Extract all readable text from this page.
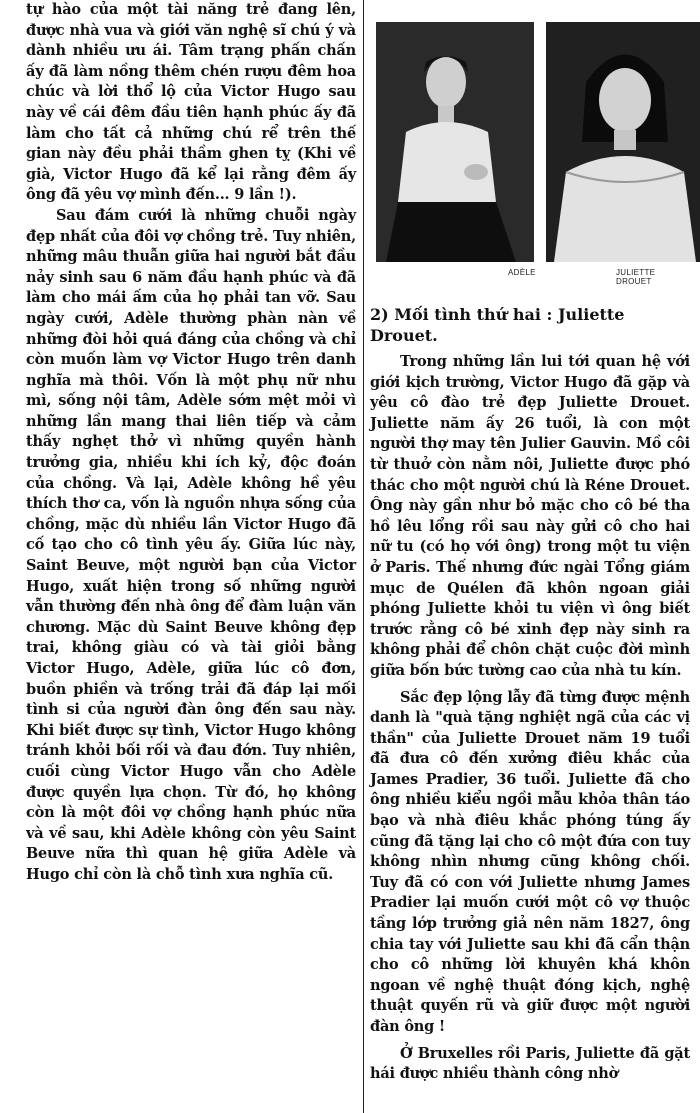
tự hào của một tài năng trẻ đang lên, được nhà vua và giới văn nghệ sĩ chú ý và dành nhiều ưu ái. Tâm trạng phấn chấn ấy đã làm nồng thêm chén rượu đêm hoa chúc và lời thổ lộ của Victor Hugo sau này về cái đêm đầu tiên hạnh phúc ấy đã làm cho tất cả những chú rể trên thế gian này đều phải thầm ghen tỵ (Khi về già, Victor Hugo đã kể lại rằng đêm ấy ông đã yêu vợ mình đến... 9 lần !).

Sau đám cưới là những chuỗi ngày đẹp nhất của đôi vợ chồng trẻ. Tuy nhiên, những mâu thuẫn giữa hai người bắt đầu nảy sinh sau 6 năm đầu hạnh phúc và đã làm cho mái ấm của họ phải tan vỡ. Sau ngày cưới, Adèle thường phàn nàn về những đòi hỏi quá đáng của chồng và chỉ còn muốn làm vợ Victor Hugo trên danh nghĩa mà thôi. Vốn là một phụ nữ nhu mì, sống nội tâm, Adèle sớm mệt mỏi vì những lần mang thai liên tiếp và cảm thấy nghẹt thở vì những quyền hành trưởng gia, nhiều khi ích kỷ, độc đoán của chồng. Và lại, Adèle không hề yêu thích thơ ca, vốn là nguồn nhựa sống của chồng, mặc dù nhiều lần Victor Hugo đã cố tạo cho cô tình yêu ấy. Giữa lúc này, Saint Beuve, một người bạn của Victor Hugo, xuất hiện trong số những người vẫn thường đến nhà ông để đàm luận văn chương. Mặc dù Saint Beuve không đẹp trai, không giàu có và tài giỏi bằng Victor Hugo, Adèle, giữa lúc cô đơn, buồn phiền và trống trải đã đáp lại mối tình si của người đàn ông đến sau này. Khi biết được sự tình, Victor Hugo không tránh khỏi bối rối và đau đớn. Tuy nhiên, cuối cùng Victor Hugo vẫn cho Adèle được quyền lựa chọn. Từ đó, họ không còn là một đôi vợ chồng hạnh phúc nữa và về sau, khi Adèle không còn yêu Saint Beuve nữa thì quan hệ giữa Adèle và Hugo chỉ còn là chỗ tình xưa nghĩa cũ.

ADÈLE	JULIETTE DROUET
2) Mối tình thứ hai : Juliette Drouet.

Trong những lần lui tới quan hệ với giới kịch trường, Victor Hugo đã gặp và yêu cô đào trẻ đẹp Juliette Drouet. Juliette năm ấy 26 tuổi, là con một người thợ may tên Julier Gauvin. Mồ côi từ thuở còn nằm nôi, Juliette được phó thác cho một người chú là Réne Drouet. Ông này gần như bỏ mặc cho cô bé tha hồ lêu lổng rồi sau này gửi cô cho hai nữ tu (có họ với ông) trong một tu viện ở Paris. Thế nhưng đức ngài Tổng giám mục de Quélen đã khôn ngoan giải phóng Juliette khỏi tu viện vì ông biết trước rằng cô bé xinh đẹp này sinh ra không phải để chôn chặt cuộc đời mình giữa bốn bức tường cao của nhà tu kín.

Sắc đẹp lộng lẫy đã từng được mệnh danh là "quà tặng nghiệt ngã của các vị thần" của Juliette Drouet năm 19 tuổi đã đưa cô đến xưởng điêu khắc của James Pradier, 36 tuổi. Juliette đã cho ông nhiều kiểu ngồi mẫu khỏa thân táo bạo và nhà điêu khắc phóng túng ấy cũng đã tặng lại cho cô một đứa con tuy không nhìn nhưng cũng không chối. Tuy đã có con với Juliette nhưng James Pradier lại muốn cưới một cô vợ thuộc tầng lớp trưởng giả nên năm 1827, ông chia tay với Juliette sau khi đã cẩn thận cho cô những lời khuyên khá khôn ngoan về nghệ thuật đóng kịch, nghệ thuật quyến rũ và giữ được một người đàn ông !

Ở Bruxelles rồi Paris, Juliette đã gặt hái được nhiều thành công nhờ
